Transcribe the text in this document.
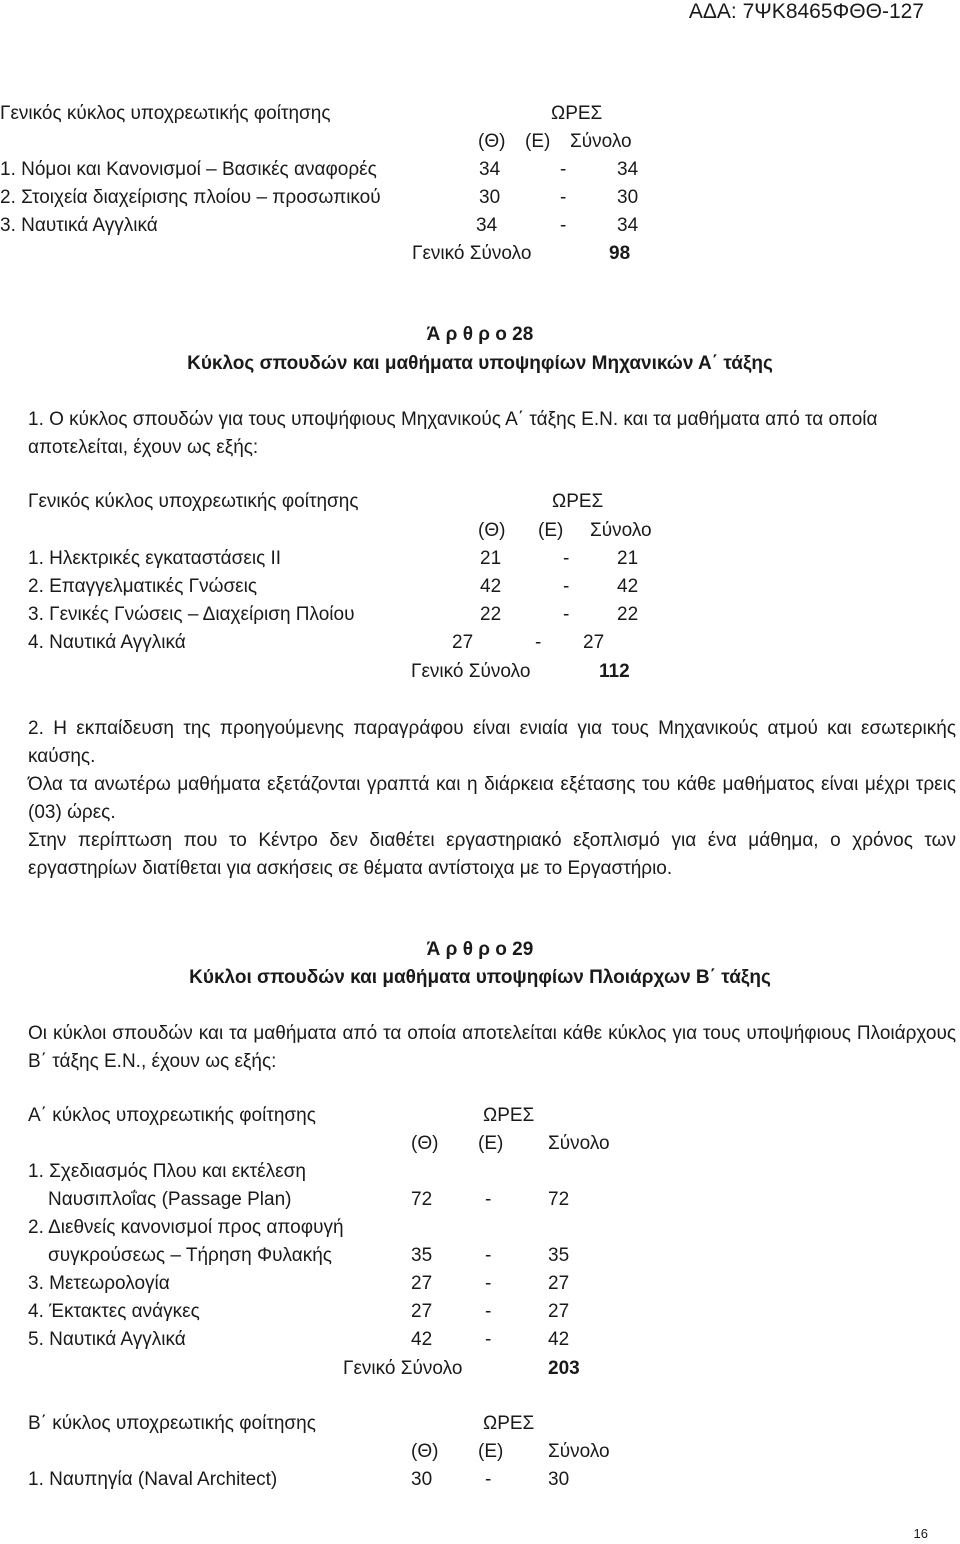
ΑΔΑ: 7ΨΚ8465ΦΘΘ-127
Γενικός κύκλος υποχρεωτικής φοίτησης	ΩΡΕΣ
(Θ) (Ε) Σύνολο
1. Νόμοι και Κανονισμοί – Βασικές αναφορές	34	-	34
2. Στοιχεία διαχείρισης πλοίου – προσωπικού	30	-	30
3. Ναυτικά Αγγλικά	34	-	34
Γενικό Σύνολο	98
Ά ρ θ ρ ο 28
Κύκλος σπουδών και μαθήματα υποψηφίων Μηχανικών Α΄ τάξης
1. Ο κύκλος σπουδών για τους υποψήφιους Μηχανικούς Α΄ τάξης Ε.Ν. και τα μαθήματα από τα οποία αποτελείται, έχουν ως εξής:
Γενικός κύκλος υποχρεωτικής φοίτησης	ΩΡΕΣ
(Θ) (Ε) Σύνολο
1. Ηλεκτρικές εγκαταστάσεις ΙΙ	21	-	21
2. Επαγγελματικές Γνώσεις	42	-	42
3. Γενικές Γνώσεις – Διαχείριση Πλοίου	22	-	22
4. Ναυτικά Αγγλικά	27	- 27
Γενικό Σύνολο	112
2. Η εκπαίδευση της προηγούμενης παραγράφου είναι ενιαία για τους Μηχανικούς ατμού και εσωτερικής καύσης.
Όλα τα ανωτέρω μαθήματα εξετάζονται γραπτά και η διάρκεια εξέτασης του κάθε μαθήματος είναι μέχρι τρεις (03) ώρες.
Στην περίπτωση που το Κέντρο δεν διαθέτει εργαστηριακό εξοπλισμό για ένα μάθημα, ο χρόνος των εργαστηρίων διατίθεται για ασκήσεις σε θέματα αντίστοιχα με το Εργαστήριο.
Ά ρ θ ρ ο 29
Κύκλοι σπουδών και μαθήματα υποψηφίων Πλοιάρχων Β΄ τάξης
Οι κύκλοι σπουδών και τα μαθήματα από τα οποία αποτελείται κάθε κύκλος για τους υποψήφιους Πλοιάρχους Β΄ τάξης Ε.Ν., έχουν ως εξής:
Α΄ κύκλος υποχρεωτικής φοίτησης	ΩΡΕΣ
(Θ) (Ε) Σύνολο
1. Σχεδιασμός Πλου και εκτέλεση
Ναυσιπλοΐας (Passage Plan)	72	-	72
2. Διεθνείς κανονισμοί προς αποφυγή
συγκρούσεως – Τήρηση Φυλακής	35	-	35
3. Μετεωρολογία	27	-	27
4. Έκτακτες ανάγκες	27	-	27
5. Ναυτικά Αγγλικά	42	-	42
Γενικό Σύνολο	203
Β΄ κύκλος υποχρεωτικής φοίτησης	ΩΡΕΣ
(Θ) (Ε) Σύνολο
1. Ναυπηγία (Naval Architect)	30	-	30
16
